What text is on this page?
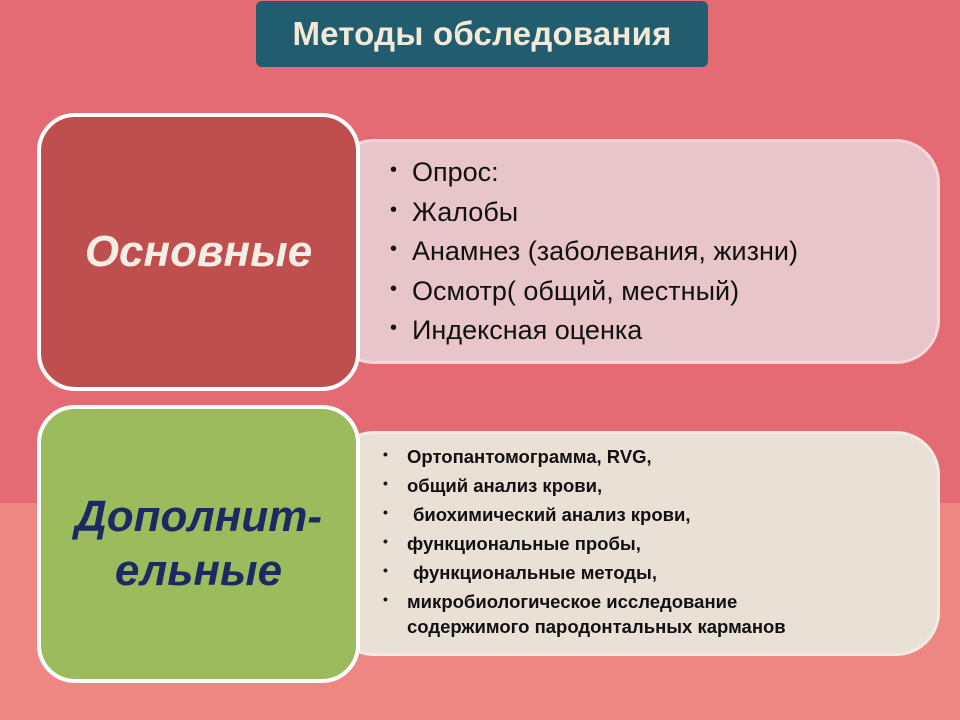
Методы обследования
Основные
• Опрос:
• Жалобы
• Анамнез (заболевания, жизни)
• Осмотр( общий, местный)
• Индексная оценка
Дополнит-
ельные
• Ортопантомограмма, RVG,
• общий анализ крови,
• биохимический анализ крови,
• функциональные пробы,
• функциональные методы,
• микробиологическое исследование
содержимого пародонтальных карманов
